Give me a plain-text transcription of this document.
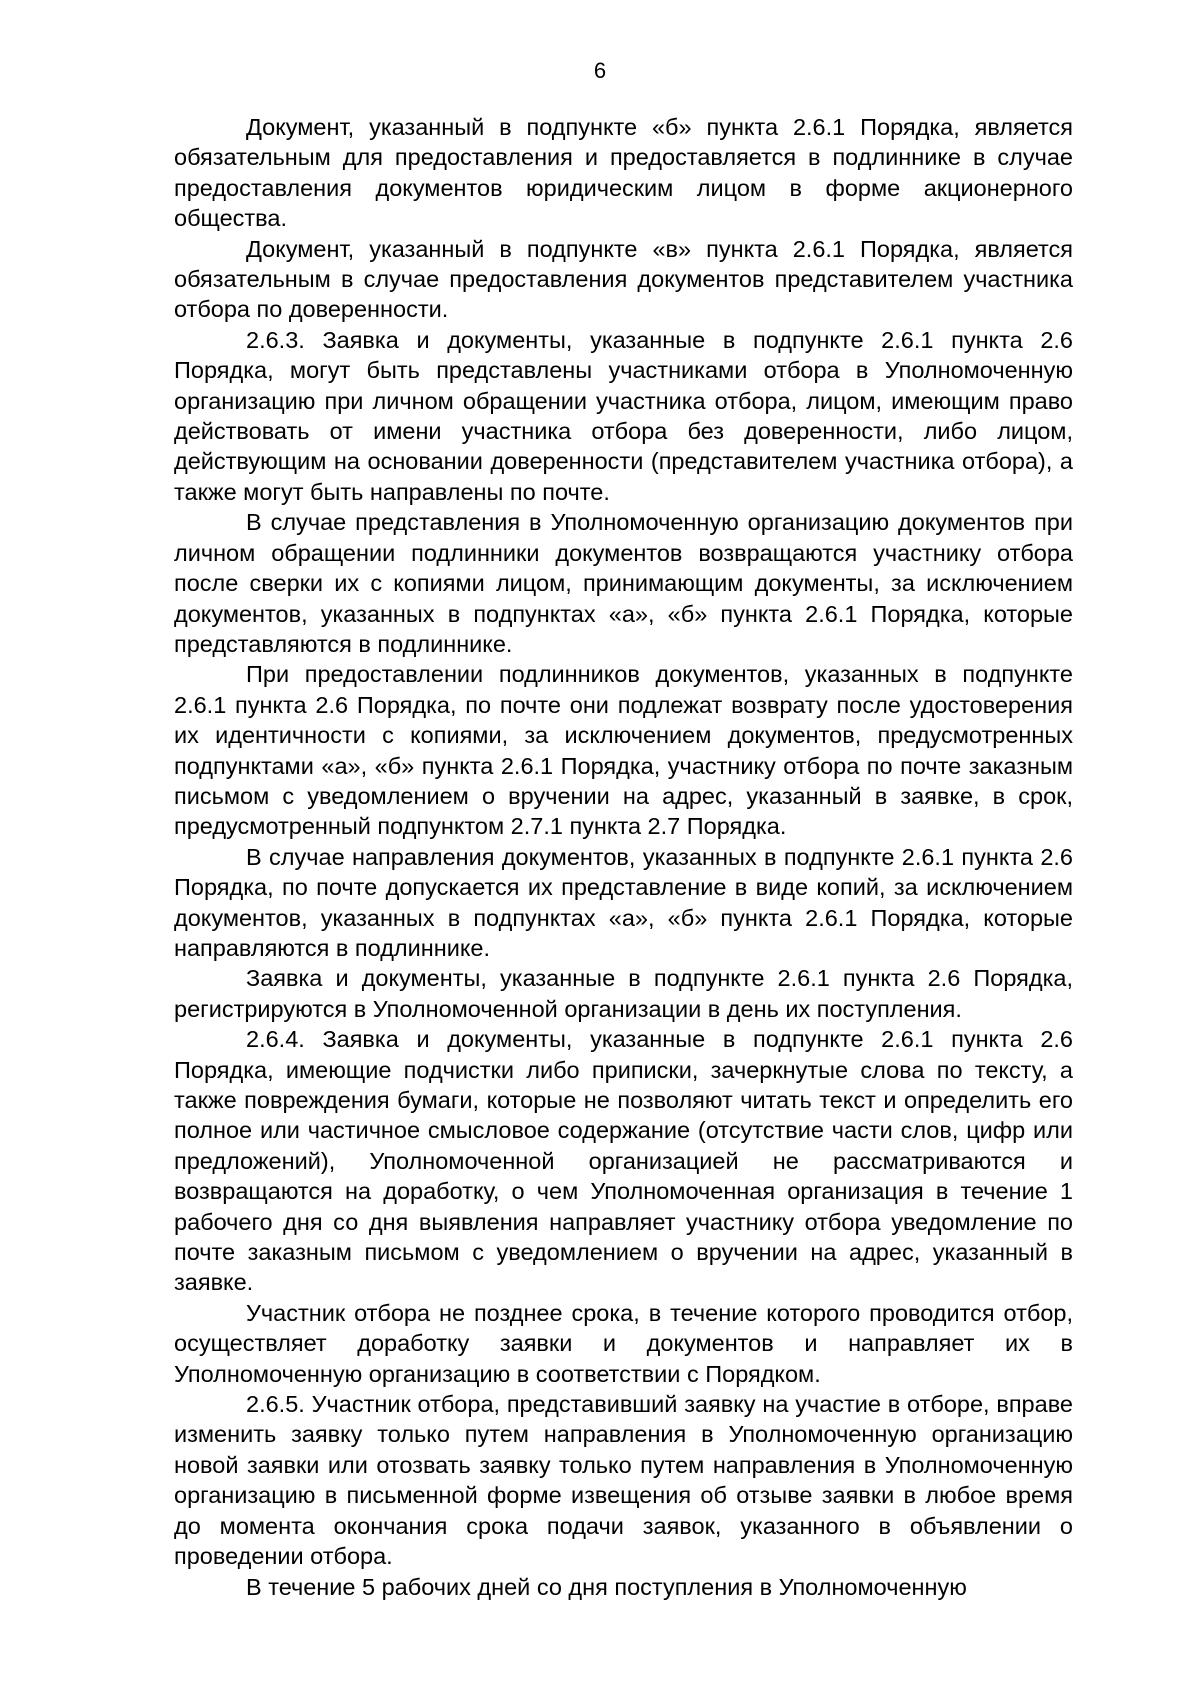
6

Документ, указанный в подпункте «б» пункта 2.6.1 Порядка, является обязательным для предоставления и предоставляется в подлиннике в случае предоставления документов юридическим лицом в форме акционерного общества.

Документ, указанный в подпункте «в» пункта 2.6.1 Порядка, является обязательным в случае предоставления документов представителем участника отбора по доверенности.

2.6.3. Заявка и документы, указанные в подпункте 2.6.1 пункта 2.6 Порядка, могут быть представлены участниками отбора в Уполномоченную организацию при личном обращении участника отбора, лицом, имеющим право действовать от имени участника отбора без доверенности, либо лицом, действующим на основании доверенности (представителем участника отбора), а также могут быть направлены по почте.

В случае представления в Уполномоченную организацию документов при личном обращении подлинники документов возвращаются участнику отбора после сверки их с копиями лицом, принимающим документы, за исключением документов, указанных в подпунктах «а», «б» пункта 2.6.1 Порядка, которые представляются в подлиннике.

При предоставлении подлинников документов, указанных в подпункте 2.6.1 пункта 2.6 Порядка, по почте они подлежат возврату после удостоверения их идентичности с копиями, за исключением документов, предусмотренных подпунктами «а», «б» пункта 2.6.1 Порядка, участнику отбора по почте заказным письмом с уведомлением о вручении на адрес, указанный в заявке, в срок, предусмотренный подпунктом 2.7.1 пункта 2.7 Порядка.

В случае направления документов, указанных в подпункте 2.6.1 пункта 2.6 Порядка, по почте допускается их представление в виде копий, за исключением документов, указанных в подпунктах «а», «б» пункта 2.6.1 Порядка, которые направляются в подлиннике.

Заявка и документы, указанные в подпункте 2.6.1 пункта 2.6 Порядка, регистрируются в Уполномоченной организации в день их поступления.

2.6.4. Заявка и документы, указанные в подпункте 2.6.1 пункта 2.6 Порядка, имеющие подчистки либо приписки, зачеркнутые слова по тексту, а также повреждения бумаги, которые не позволяют читать текст и определить его полное или частичное смысловое содержание (отсутствие части слов, цифр или предложений), Уполномоченной организацией не рассматриваются и возвращаются на доработку, о чем Уполномоченная организация в течение 1 рабочего дня со дня выявления направляет участнику отбора уведомление по почте заказным письмом с уведомлением о вручении на адрес, указанный в заявке.

Участник отбора не позднее срока, в течение которого проводится отбор, осуществляет доработку заявки и документов и направляет их в Уполномоченную организацию в соответствии с Порядком.

2.6.5. Участник отбора, представивший заявку на участие в отборе, вправе изменить заявку только путем направления в Уполномоченную организацию новой заявки или отозвать заявку только путем направления в Уполномоченную организацию в письменной форме извещения об отзыве заявки в любое время до момента окончания срока подачи заявок, указанного в объявлении о проведении отбора.

В течение 5 рабочих дней со дня поступления в Уполномоченную
